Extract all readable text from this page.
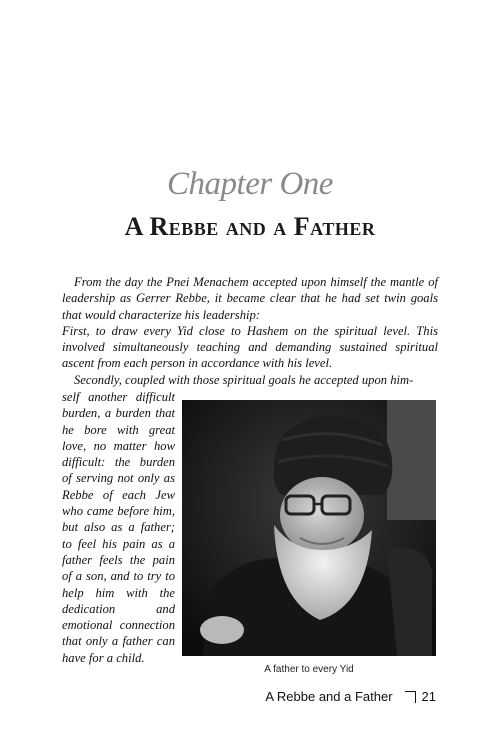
Chapter One
A Rebbe and a Father

From the day the Pnei Menachem accepted upon himself the mantle of leadership as Gerrer Rebbe, it became clear that he had set twin goals that would characterize his leadership:

First, to draw every Yid close to Hashem on the spiritual level. This involved simultaneously teaching and demanding sustained spiritual ascent from each person in accordance with his level.

Secondly, coupled with those spiritual goals he accepted upon him-

self another difficult burden, a burden that he bore with great love, no matter how difficult: the burden of serving not only as Rebbe of each Jew who came before him, but also as a father; to feel his pain as a father feels the pain of a son, and to try to help him with the dedication and emotional connection that only a father can have for a child.
A father to every Yid
A Rebbe and a Father 21
